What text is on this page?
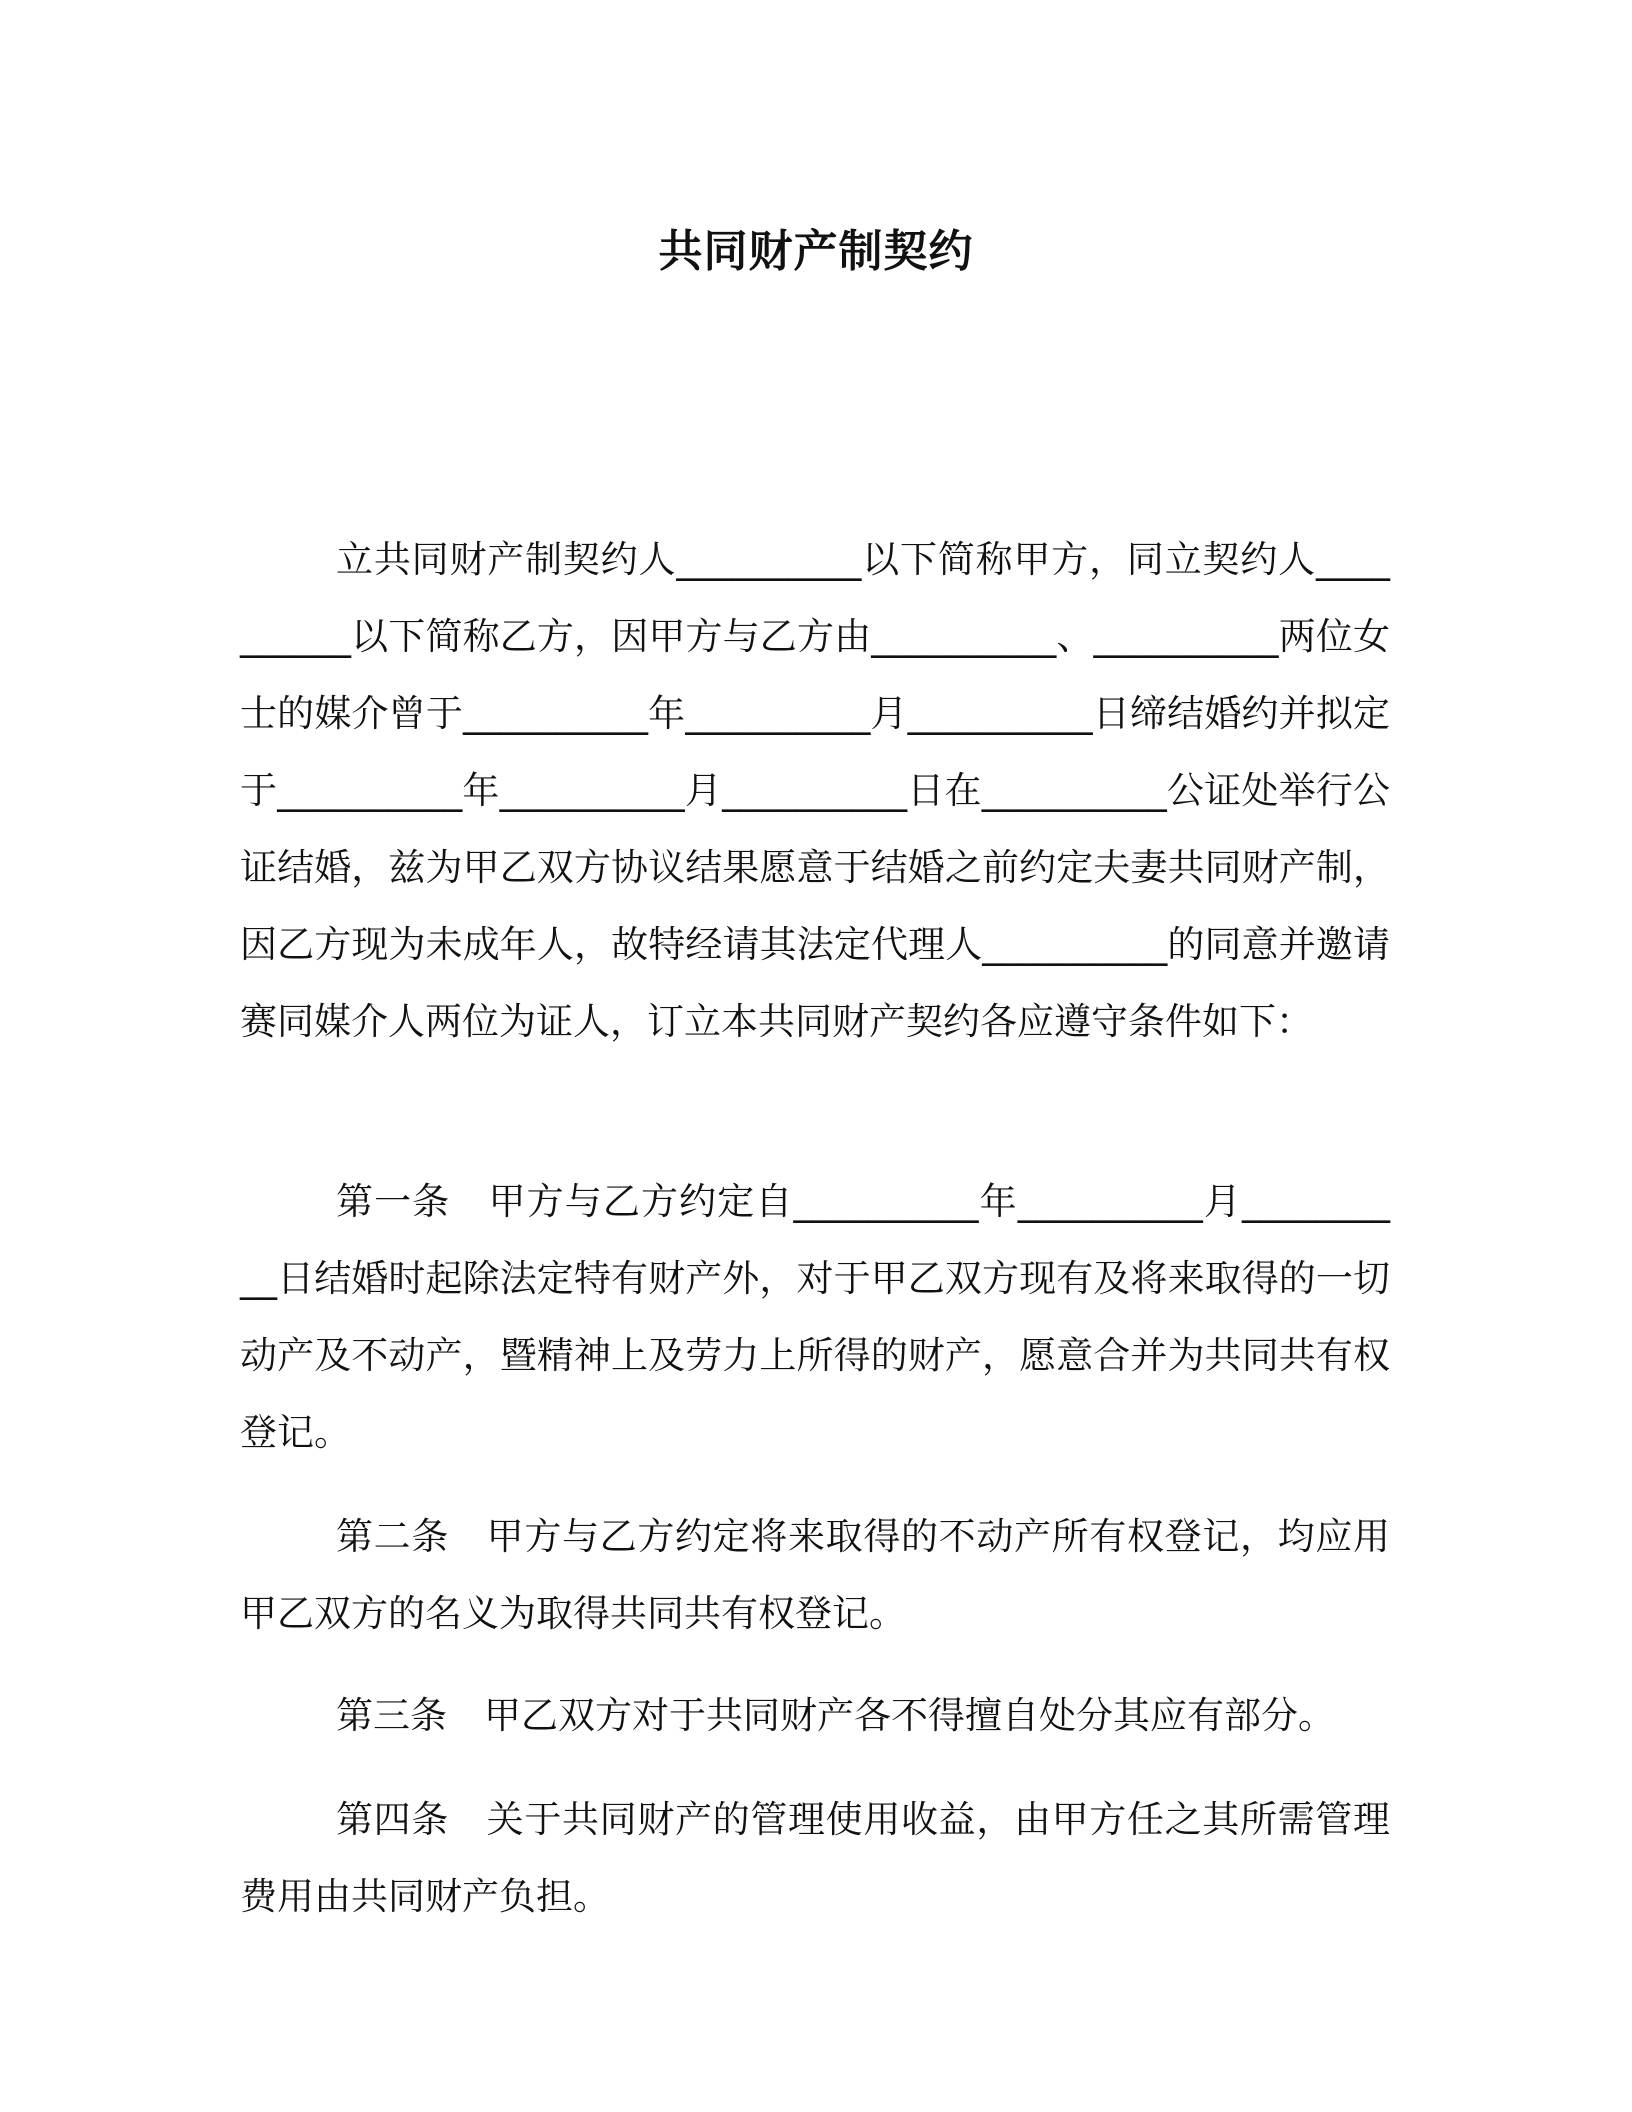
共同财产制契约

立共同财产制契约人__________以下简称甲方，同立契约人__________以下简称乙方，因甲方与乙方由__________、__________两位女士的媒介曾于__________年__________月__________日缔结婚约并拟定于__________年__________月__________日在__________公证处举行公证结婚，兹为甲乙双方协议结果愿意于结婚之前约定夫妻共同财产制，因乙方现为未成年人，故特经请其法定代理人__________的同意并邀请赛同媒介人两位为证人，订立本共同财产契约各应遵守条件如下：

第一条　甲方与乙方约定自__________年__________月__________日结婚时起除法定特有财产外，对于甲乙双方现有及将来取得的一切动产及不动产，暨精神上及劳力上所得的财产，愿意合并为共同共有权登记。

第二条　甲方与乙方约定将来取得的不动产所有权登记，均应用甲乙双方的名义为取得共同共有权登记。

第三条　甲乙双方对于共同财产各不得擅自处分其应有部分。

第四条　关于共同财产的管理使用收益，由甲方任之其所需管理费用由共同财产负担。
